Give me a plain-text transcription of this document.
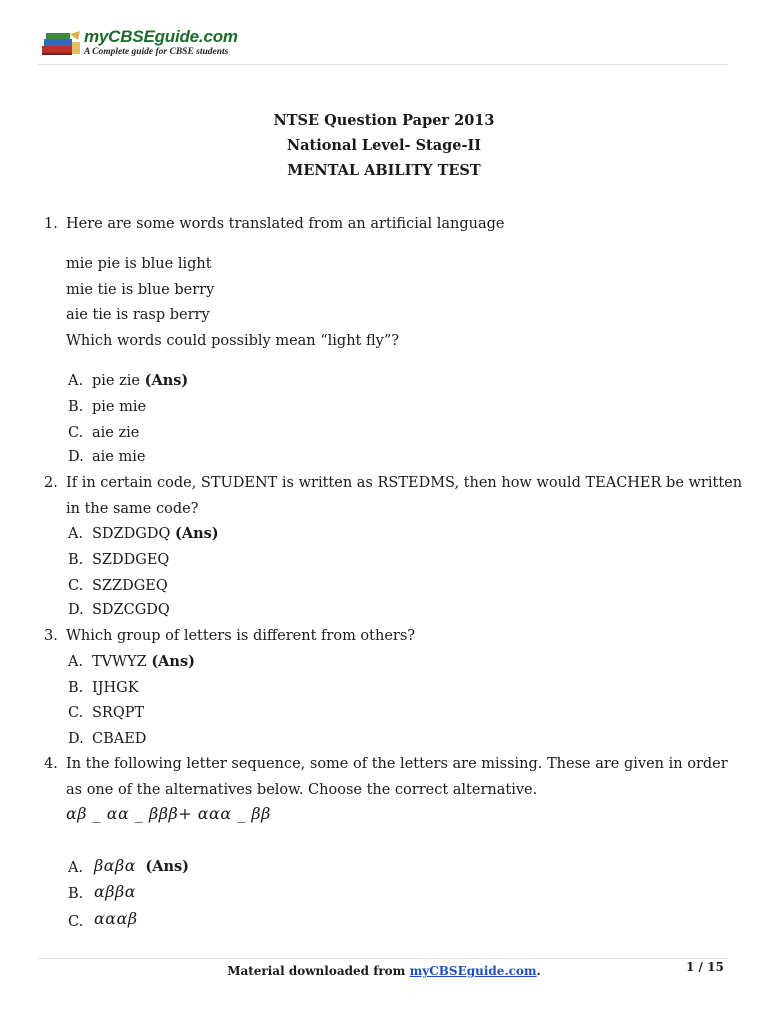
myCBSEguide.com
A Complete guide for CBSE students
NTSE Question Paper 2013
National Level- Stage-II
MENTAL ABILITY TEST
1. Here are some words translated from an artificial language
mie pie is blue light
mie tie is blue berry
aie tie is rasp berry
Which words could possibly mean “light fly”?
A. pie zie (Ans)
B. pie mie
C. aie zie
D. aie mie
2. If in certain code, STUDENT is written as RSTEDMS, then how would TEACHER be written
in the same code?
A. SDZDGDQ (Ans)
B. SZDDGEQ
C. SZZDGEQ
D. SDZCGDQ
3. Which group of letters is different from others?
A. TVWYZ (Ans)
B. IJHGK
C. SRQPT
D. CBAED
4. In the following letter sequence, some of the letters are missing. These are given in order
as one of the alternatives below. Choose the correct alternative.
αβ _ αα _ βββ+ ααα _ ββ
A. βαβα (Ans)
B. αββα
C. αααβ
Material downloaded from myCBSEguide.com.	1 / 15
